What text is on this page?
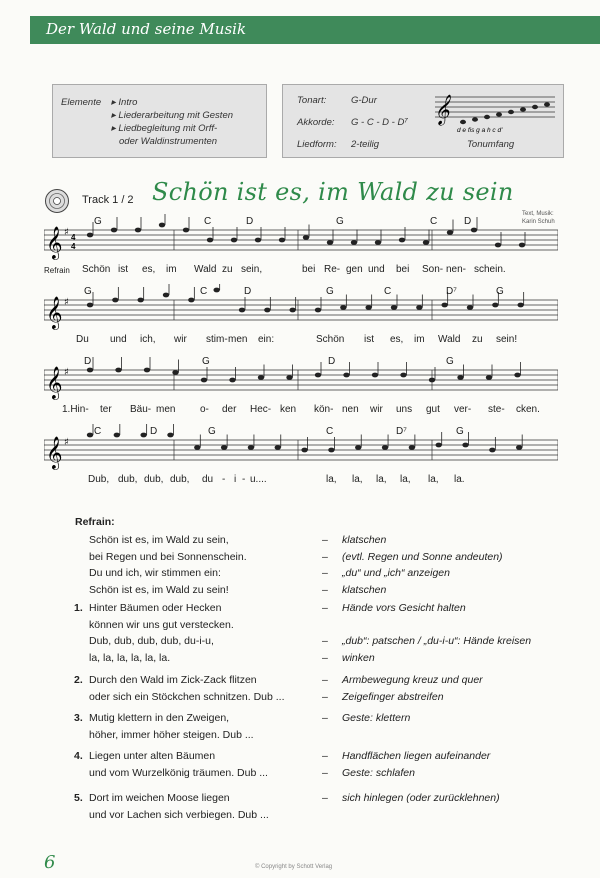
Der Wald und seine Musik
Elemente ▸ Intro
▸ Liederarbeitung mit Gesten
▸ Liedbegleitung mit Orff-
oder Waldinstrumenten
Tonart:	G-Dur
Akkorde: G - C - D - D⁷
Liedform: 2-teilig
𝄞
d e fis g a h c d'
Tonumfang
Track 1 / 2 Schön ist es, im Wald zu sein
Text, Musik:
Karin Schuh
𝄞 ♯ 4
4
G	C	D	G	C	D
Schön ist es, im Wald zu sein,	bei Re- gen und bei Son- nen- schein.
𝄞 ♯
G	C	D	G	C	D⁷	G
Du und ich, wir stim- men ein:	Schön ist es, im Wald zu sein!
𝄞 ♯
D	G	D	G
1.Hin- ter Bäu- men o- der Hec- ken kön- nen wir uns gut ver- ste- cken.
𝄞 ♯
C	D	G	C	D⁷	G
Dub, dub, dub, dub, du - i - u....	la, la, la, la, la, la.
Refrain
Refrain:
Schön ist es, im Wald zu sein,	– klatschen
bei Regen und bei Sonnenschein.	– (evtl. Regen und Sonne andeuten)
Du und ich, wir stimmen ein:	– „du“ und „ich“ anzeigen
Schön ist es, im Wald zu sein!	– klatschen
1. Hinter Bäumen oder Hecken	– Hände vors Gesicht halten
können wir uns gut verstecken.
Dub, dub, dub, dub, du-i-u,	– „dub“: patschen / „du-i-u“: Hände kreisen
la, la, la, la, la, la.	– winken
2. Durch den Wald im Zick-Zack flitzen	– Armbewegung kreuz und quer
oder sich ein Stöckchen schnitzen. Dub ...	– Zeigefinger abstreifen
3. Mutig klettern in den Zweigen,	– Geste: klettern
höher, immer höher steigen. Dub ...
4. Liegen unter alten Bäumen	– Handflächen liegen aufeinander
und vom Wurzelkönig träumen. Dub ...	– Geste: schlafen
5. Dort im weichen Moose liegen	– sich hinlegen (oder zurücklehnen)
und vor Lachen sich verbiegen. Dub ...
6	© Copyright by Schott Verlag
